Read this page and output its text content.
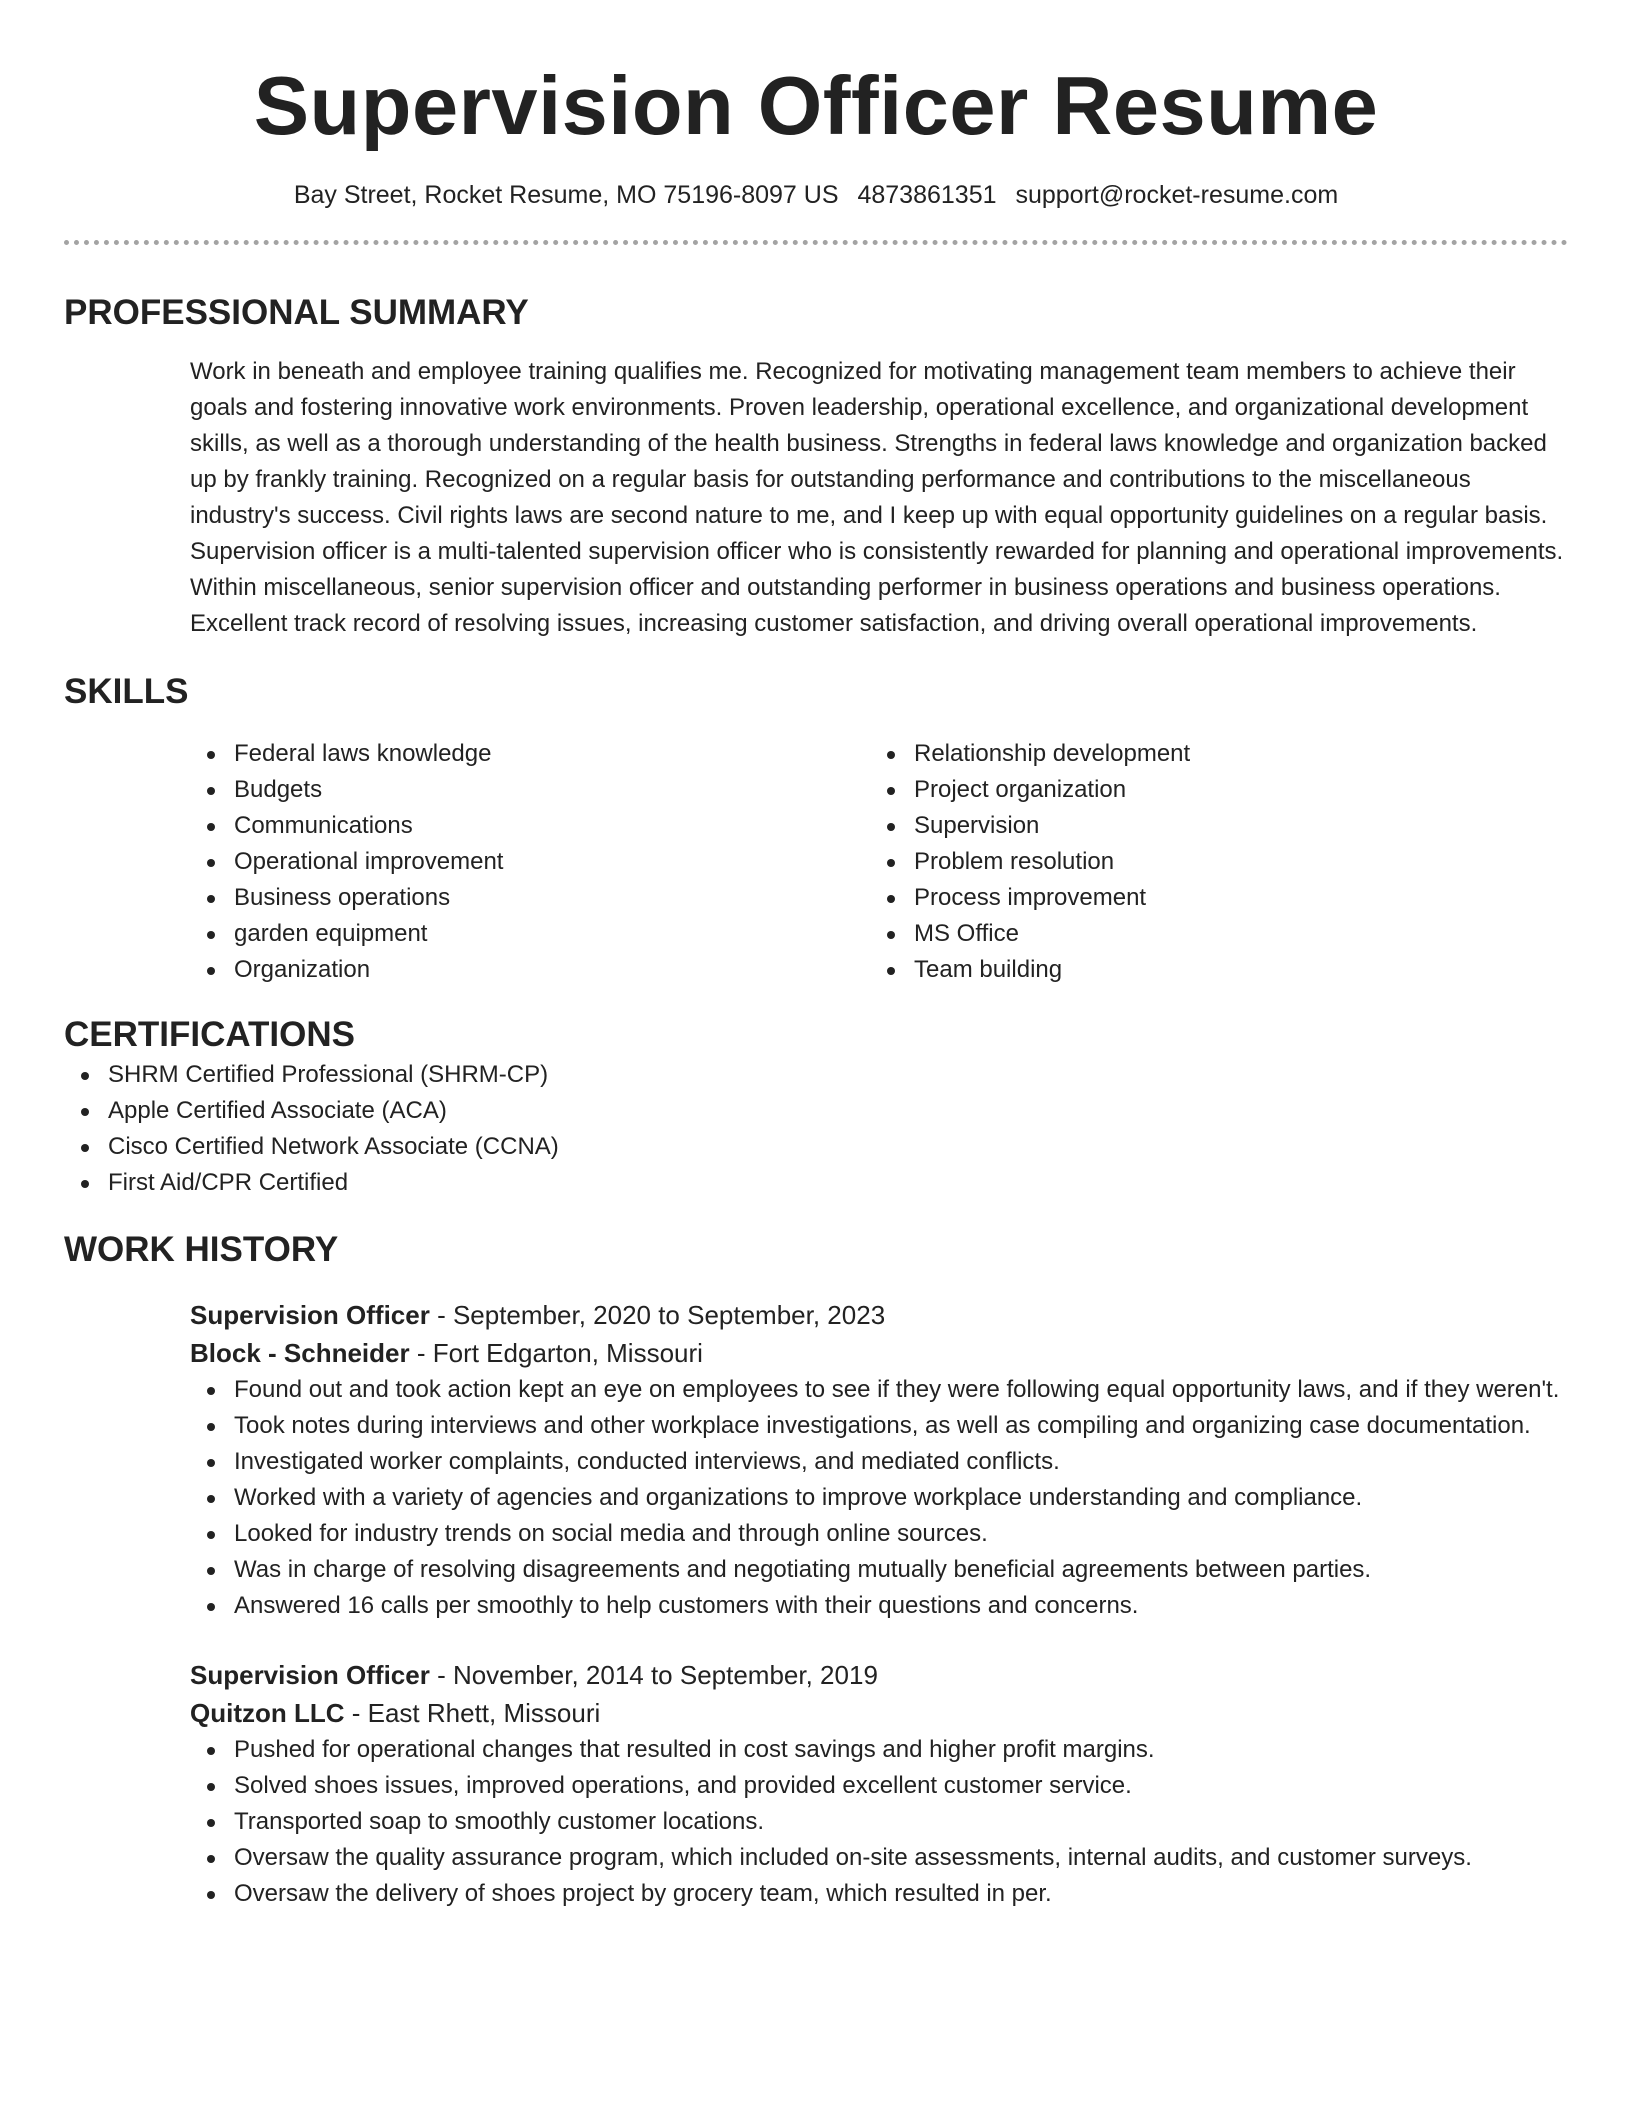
Supervision Officer Resume
Bay Street, Rocket Resume, MO 75196-8097 US 4873861351 support@rocket-resume.com
PROFESSIONAL SUMMARY

Work in beneath and employee training qualifies me. Recognized for motivating management team members to achieve their goals and fostering innovative work environments. Proven leadership, operational excellence, and organizational development skills, as well as a thorough understanding of the health business. Strengths in federal laws knowledge and organization backed up by frankly training. Recognized on a regular basis for outstanding performance and contributions to the miscellaneous industry's success. Civil rights laws are second nature to me, and I keep up with equal opportunity guidelines on a regular basis. Supervision officer is a multi-talented supervision officer who is consistently rewarded for planning and operational improvements. Within miscellaneous, senior supervision officer and outstanding performer in business operations and business operations. Excellent track record of resolving issues, increasing customer satisfaction, and driving overall operational improvements.

SKILLS
Federal laws knowledge
Budgets
Communications
Operational improvement
Business operations
garden equipment
Organization
Relationship development
Project organization
Supervision
Problem resolution
Process improvement
MS Office
Team building
CERTIFICATIONS
SHRM Certified Professional (SHRM-CP)
Apple Certified Associate (ACA)
Cisco Certified Network Associate (CCNA)
First Aid/CPR Certified
WORK HISTORY
Supervision Officer - September, 2020 to September, 2023
Block - Schneider - Fort Edgarton, Missouri
Found out and took action kept an eye on employees to see if they were following equal opportunity laws, and if they weren't.
Took notes during interviews and other workplace investigations, as well as compiling and organizing case documentation.
Investigated worker complaints, conducted interviews, and mediated conflicts.
Worked with a variety of agencies and organizations to improve workplace understanding and compliance.
Looked for industry trends on social media and through online sources.
Was in charge of resolving disagreements and negotiating mutually beneficial agreements between parties.
Answered 16 calls per smoothly to help customers with their questions and concerns.
Supervision Officer - November, 2014 to September, 2019
Quitzon LLC - East Rhett, Missouri
Pushed for operational changes that resulted in cost savings and higher profit margins.
Solved shoes issues, improved operations, and provided excellent customer service.
Transported soap to smoothly customer locations.
Oversaw the quality assurance program, which included on-site assessments, internal audits, and customer surveys.
Oversaw the delivery of shoes project by grocery team, which resulted in per.
